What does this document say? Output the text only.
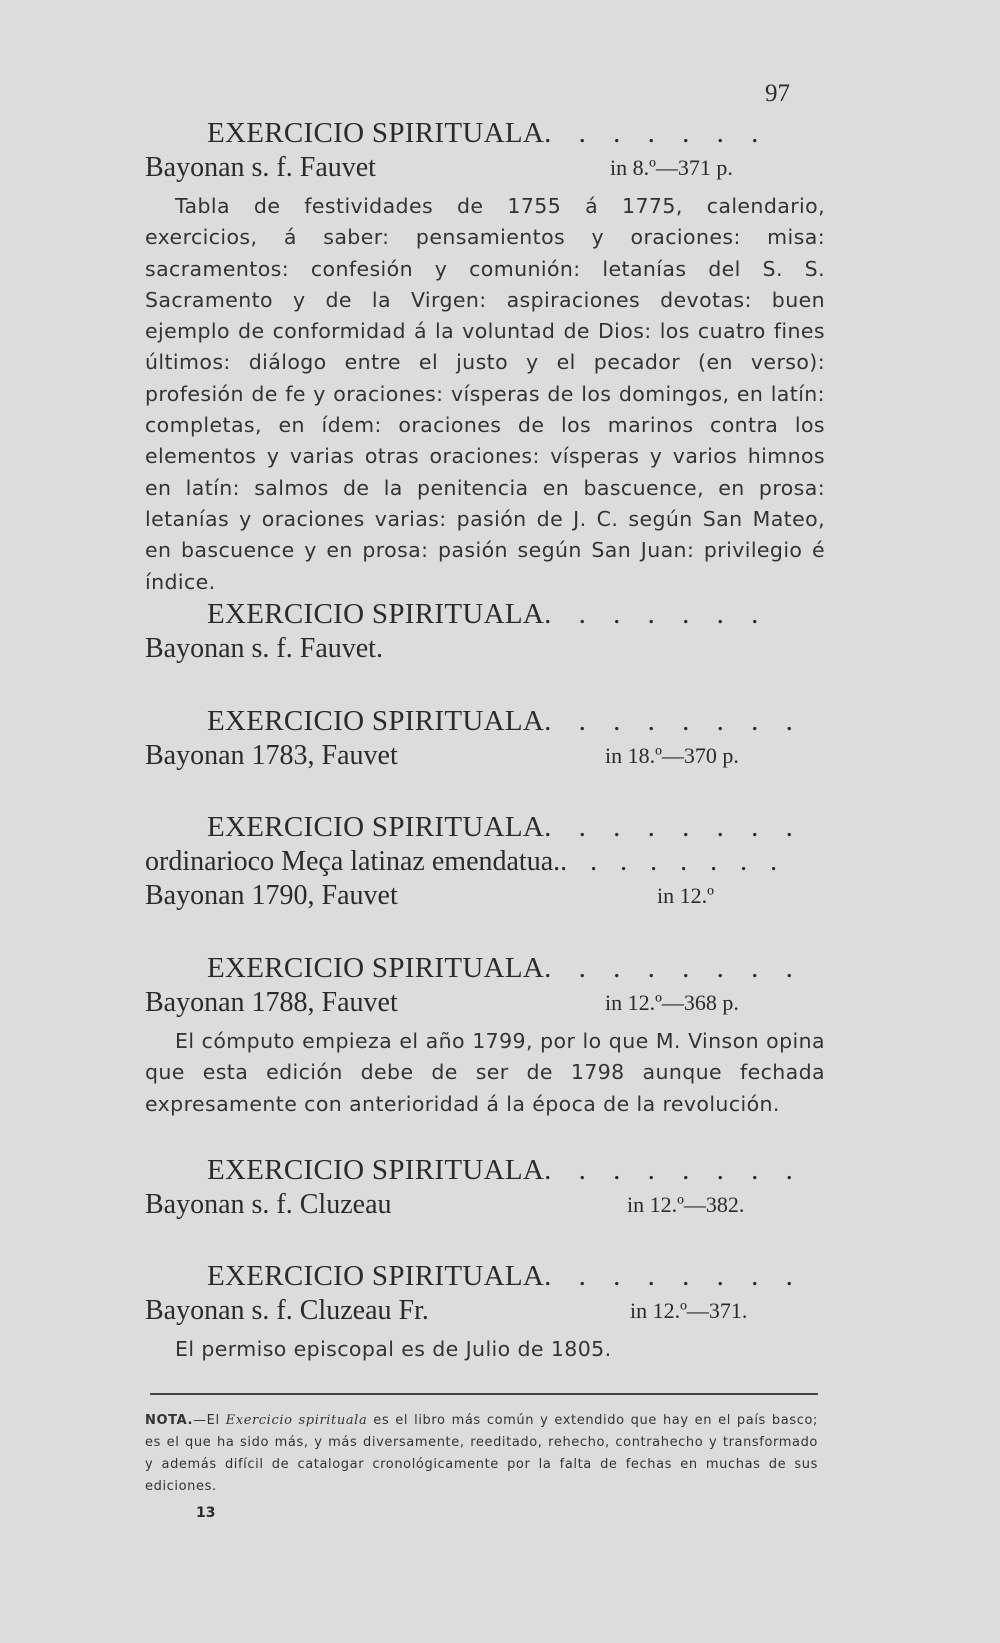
97
EXERCICIO SPIRITUALA. . . . . . .
Bayonan s. f. Fauvet	in 8.º—371 p.
Tabla de festividades de 1755 á 1775, calendario, exercicios, á saber: pensamientos y oraciones: misa: sacramentos: confesión y comunión: letanías del S. S. Sacramento y de la Virgen: aspiraciones devotas: buen ejemplo de conformidad á la voluntad de Dios: los cuatro fines últimos: diálogo entre el justo y el pecador (en verso): profesión de fe y oraciones: vísperas de los domingos, en latín: completas, en ídem: oraciones de los marinos contra los elementos y varias otras oraciones: vísperas y varios himnos en latín: salmos de la penitencia en bascuence, en prosa: letanías y oraciones varias: pasión de J. C. según San Mateo, en bascuence y en prosa: pasión según San Juan: privilegio é índice.
EXERCICIO SPIRITUALA. . . . . . .
Bayonan s. f. Fauvet.
EXERCICIO SPIRITUALA. . . . . . . .
Bayonan 1783, Fauvet	in 18.º—370 p.
EXERCICIO SPIRITUALA. . . . . . . .
ordinarioco Meça latinaz emendatua.. . . . . . . .
Bayonan 1790, Fauvet	in 12.º
EXERCICIO SPIRITUALA. . . . . . . .
Bayonan 1788, Fauvet	in 12.º—368 p.
El cómputo empieza el año 1799, por lo que M. Vinson opina que esta edición debe de ser de 1798 aunque fechada expresamente con anterioridad á la época de la revolución.
EXERCICIO SPIRITUALA. . . . . . . .
Bayonan s. f. Cluzeau	in 12.º—382.
EXERCICIO SPIRITUALA. . . . . . . .
Bayonan s. f. Cluzeau Fr.	in 12.º—371.
El permiso episcopal es de Julio de 1805.
NOTA.—El Exercicio spirituala es el libro más común y extendido que hay en el país basco; es el que ha sido más, y más diversamente, reeditado, rehecho, contrahecho y transformado y además difícil de catalogar cronológicamente por la falta de fechas en muchas de sus ediciones.
13
